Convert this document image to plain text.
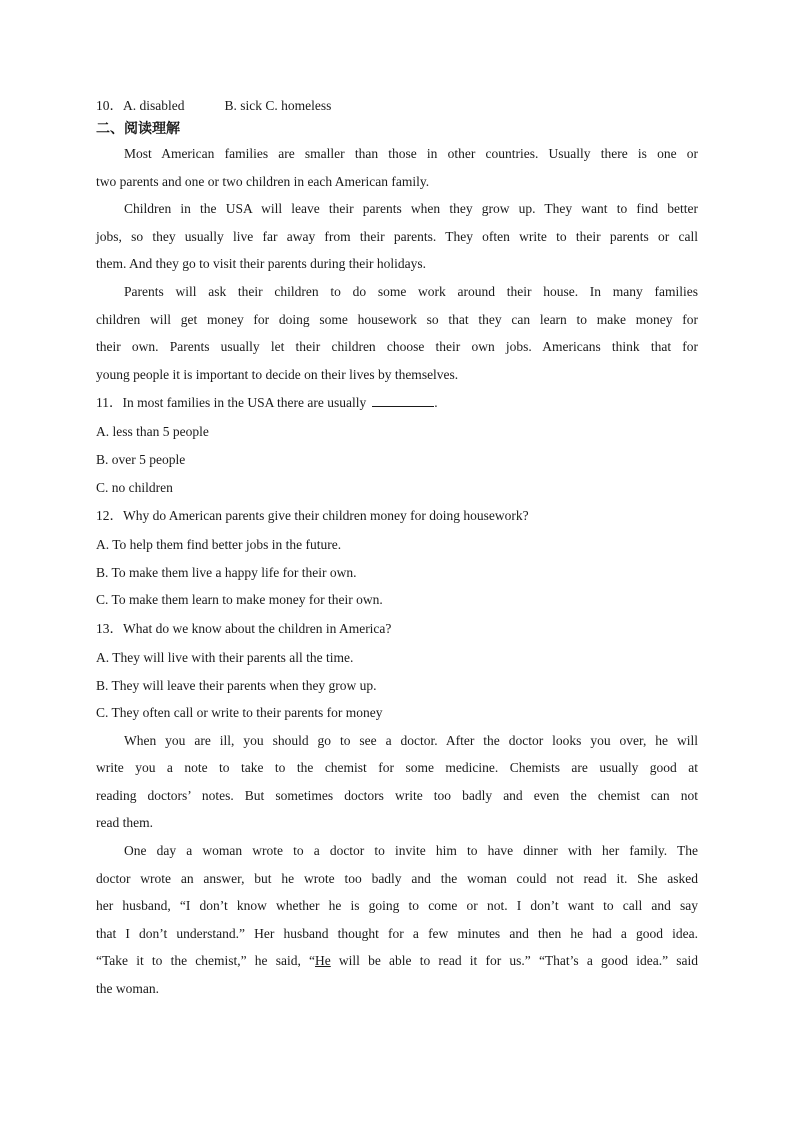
10．A. disabled	B. sick C. homeless
二、阅读理解
Most American families are smaller than those in other countries. Usually there is one or
two parents and one or two children in each American family.
Children in the USA will leave their parents when they grow up. They want to find better
jobs, so they usually live far away from their parents. They often write to their parents or call
them. And they go to visit their parents during their holidays.
Parents will ask their children to do some work around their house. In many families
children will get money for doing some housework so that they can learn to make money for
their own. Parents usually let their children choose their own jobs. Americans think that for
young people it is important to decide on their lives by themselves.
11．In most families in the USA there are usually	.
A. less than 5 people
B. over 5 people
C. no children
12．Why do American parents give their children money for doing housework?
A. To help them find better jobs in the future.
B. To make them live a happy life for their own.
C. To make them learn to make money for their own.
13．What do we know about the children in America?
A. They will live with their parents all the time.
B. They will leave their parents when they grow up.
C. They often call or write to their parents for money
When you are ill, you should go to see a doctor. After the doctor looks you over, he will
write you a note to take to the chemist for some medicine. Chemists are usually good at
reading doctors’ notes. But sometimes doctors write too badly and even the chemist can not
read them.
One day a woman wrote to a doctor to invite him to have dinner with her family. The
doctor wrote an answer, but he wrote too badly and the woman could not read it. She asked
her husband, “I don’t know whether he is going to come or not. I don’t want to call and say
that I don’t understand.” Her husband thought for a few minutes and then he had a good idea.
“Take it to the chemist,” he said, “He will be able to read it for us.” “That’s a good idea.” said
the woman.
